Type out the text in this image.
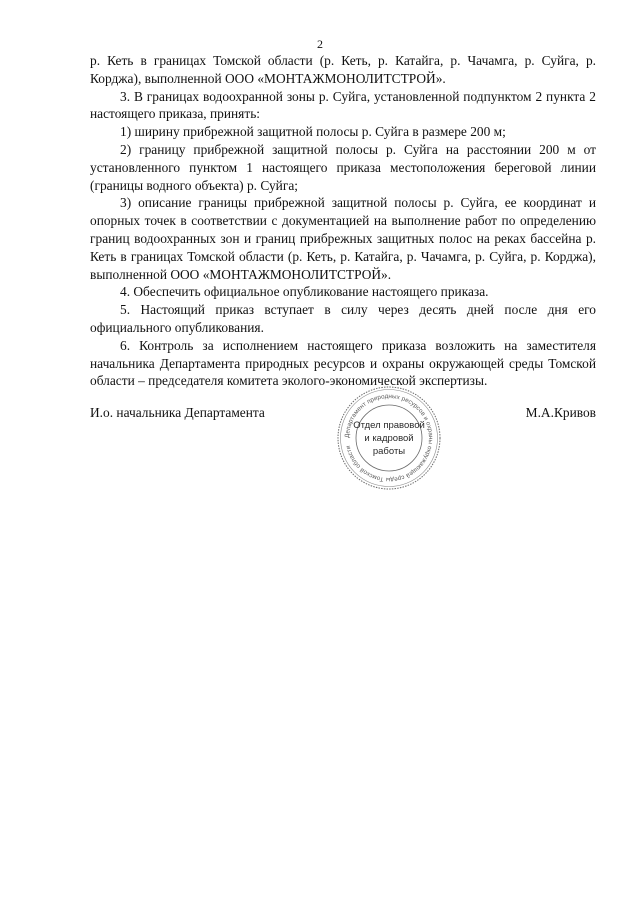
2

р. Кеть в границах Томской области (р. Кеть, р. Катайга, р. Чачамга, р. Суйга, р. Корджа), выполненной ООО «МОНТАЖМОНОЛИТСТРОЙ».

3. В границах водоохранной зоны р. Суйга, установленной подпунктом 2 пункта 2 настоящего приказа, принять:

1) ширину прибрежной защитной полосы р. Суйга в размере 200 м;

2) границу прибрежной защитной полосы р. Суйга на расстоянии 200 м от установленного пунктом 1 настоящего приказа местоположения береговой линии (границы водного объекта) р. Суйга;

3) описание границы прибрежной защитной полосы р. Суйга, ее координат и опорных точек в соответствии с документацией на выполнение работ по определению границ водоохранных зон и границ прибрежных защитных полос на реках бассейна р. Кеть в границах Томской области (р. Кеть, р. Катайга, р. Чачамга, р. Суйга, р. Корджа), выполненной ООО «МОНТАЖМОНОЛИТСТРОЙ».

4. Обеспечить официальное опубликование настоящего приказа.

5. Настоящий приказ вступает в силу через десять дней после дня его официального опубликования.

6. Контроль за исполнением настоящего приказа возложить на заместителя начальника Департамента природных ресурсов и охраны окружающей среды Томской области – председателя комитета эколого-экономической экспертизы.

И.о. начальника Департамента
Департамент природных ресурсов и охраны окружающей среды Томской области
Отдел правовой
и кадровой
работы
М.А.Кривов
